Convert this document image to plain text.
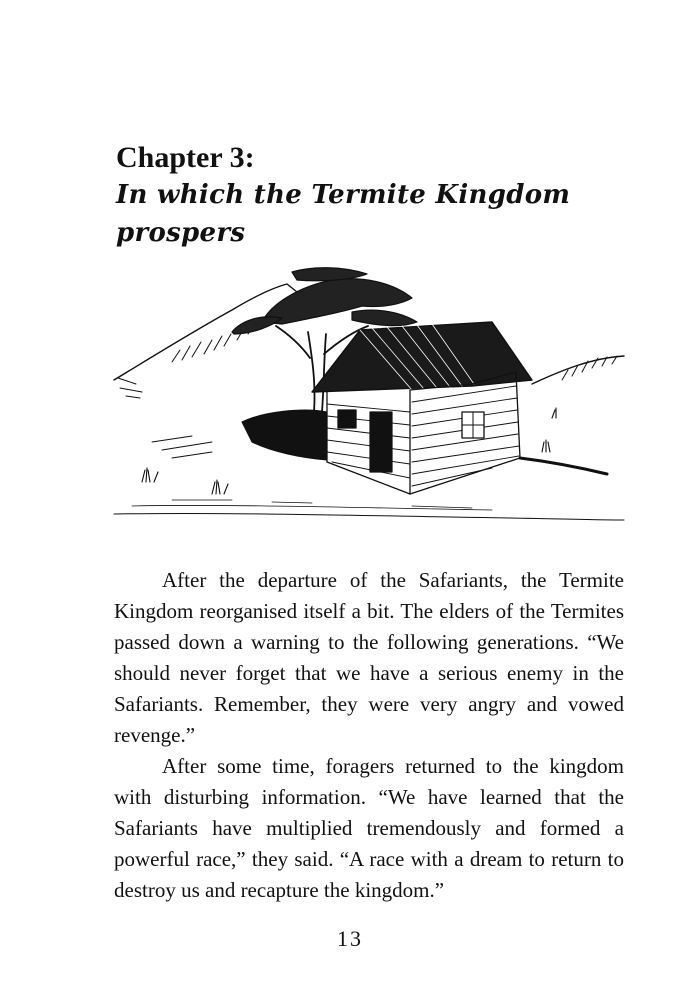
Chapter 3:
In which the Termite Kingdom
prospers

After the departure of the Safariants, the Termite Kingdom reorganised itself a bit. The elders of the Termites passed down a warning to the following generations. “We should never forget that we have a serious enemy in the Safariants. Remember, they were very angry and vowed revenge.”

After some time, foragers returned to the kingdom with disturbing information. “We have learned that the Safariants have multiplied tremendously and formed a powerful race,” they said. “A race with a dream to return to destroy us and recapture the kingdom.”

13
